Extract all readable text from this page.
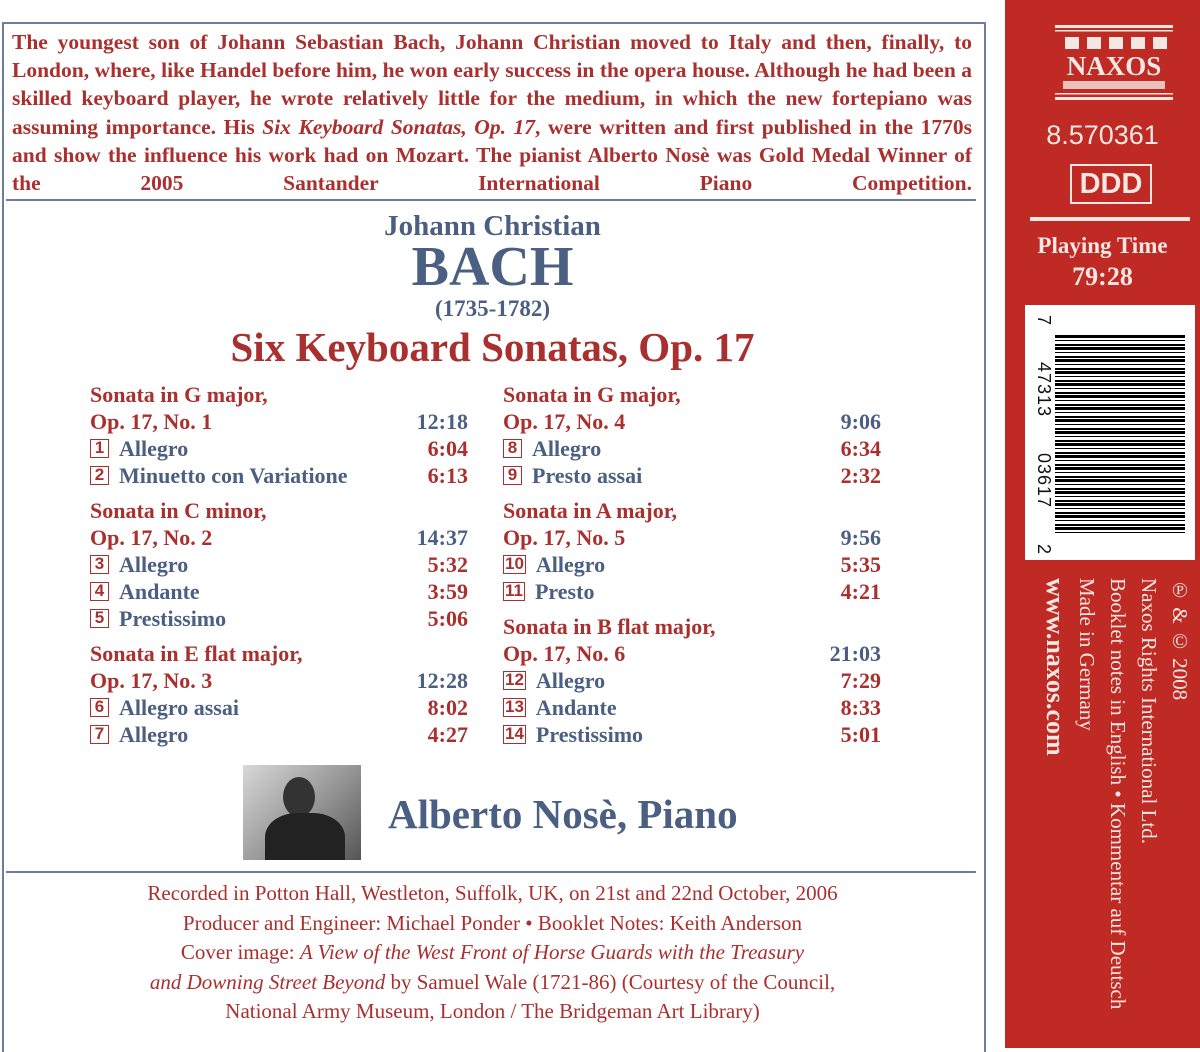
The youngest son of Johann Sebastian Bach, Johann Christian moved to Italy and then, finally, to London, where, like Handel before him, he won early success in the opera house. Although he had been a skilled keyboard player, he wrote relatively little for the medium, in which the new fortepiano was assuming importance. His Six Keyboard Sonatas, Op. 17, were written and first published in the 1770s and show the influence his work had on Mozart. The pianist Alberto Nosè was Gold Medal Winner of the 2005 Santander International Piano Competition.
Johann Christian
BACH
(1735-1782)
Six Keyboard Sonatas, Op. 17
Sonata in G major,
Op. 17, No. 1	12:18
1 Allegro	6:04
2 Minuetto con Variatione	6:13
Sonata in C minor,
Op. 17, No. 2	14:37
3 Allegro	5:32
4 Andante	3:59
5 Prestissimo	5:06
Sonata in E flat major,
Op. 17, No. 3	12:28
6 Allegro assai	8:02
7 Allegro	4:27
Sonata in G major,
Op. 17, No. 4	9:06
8 Allegro	6:34
9 Presto assai	2:32
Sonata in A major,
Op. 17, No. 5	9:56
10 Allegro	5:35
11 Presto	4:21
Sonata in B flat major,
Op. 17, No. 6	21:03
12 Allegro	7:29
13 Andante	8:33
14 Prestissimo	5:01
Alberto Nosè, Piano
Recorded in Potton Hall, Westleton, Suffolk, UK, on 21st and 22nd October, 2006
Producer and Engineer: Michael Ponder • Booklet Notes: Keith Anderson
Cover image: A View of the West Front of Horse Guards with the Treasury
and Downing Street Beyond by Samuel Wale (1721-86) (Courtesy of the Council,
National Army Museum, London / The Bridgeman Art Library)
NAXOS
8.570361
DDD
Playing Time
79:28
7
47313
03617
2
℗ & © 2008
Naxos Rights International Ltd.
Booklet notes in English • Kommentar auf Deutsch
Made in Germany
www.naxos.com
